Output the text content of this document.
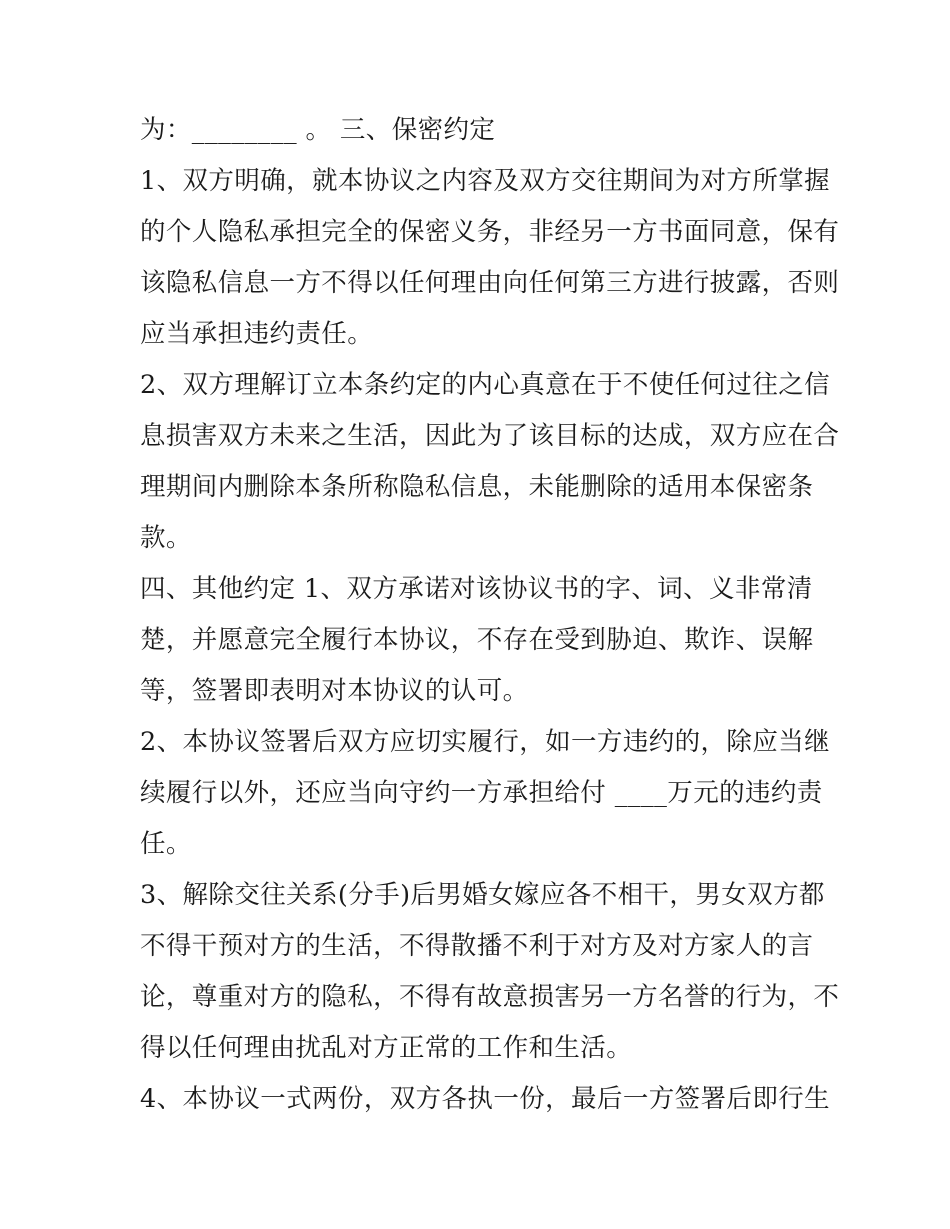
为：________ 。 三、保密约定
1、双方明确，就本协议之内容及双方交往期间为对方所掌握
的个人隐私承担完全的保密义务，非经另一方书面同意，保有
该隐私信息一方不得以任何理由向任何第三方进行披露，否则
应当承担违约责任。
2、双方理解订立本条约定的内心真意在于不使任何过往之信
息损害双方未来之生活，因此为了该目标的达成，双方应在合
理期间内删除本条所称隐私信息，未能删除的适用本保密条
款。
四、其他约定 1、双方承诺对该协议书的字、词、义非常清
楚，并愿意完全履行本协议，不存在受到胁迫、欺诈、误解
等，签署即表明对本协议的认可。
2、本协议签署后双方应切实履行，如一方违约的，除应当继
续履行以外，还应当向守约一方承担给付 ____万元的违约责
任。
3、解除交往关系(分手)后男婚女嫁应各不相干，男女双方都
不得干预对方的生活，不得散播不利于对方及对方家人的言
论，尊重对方的隐私，不得有故意损害另一方名誉的行为，不
得以任何理由扰乱对方正常的工作和生活。
4、本协议一式两份，双方各执一份，最后一方签署后即行生
